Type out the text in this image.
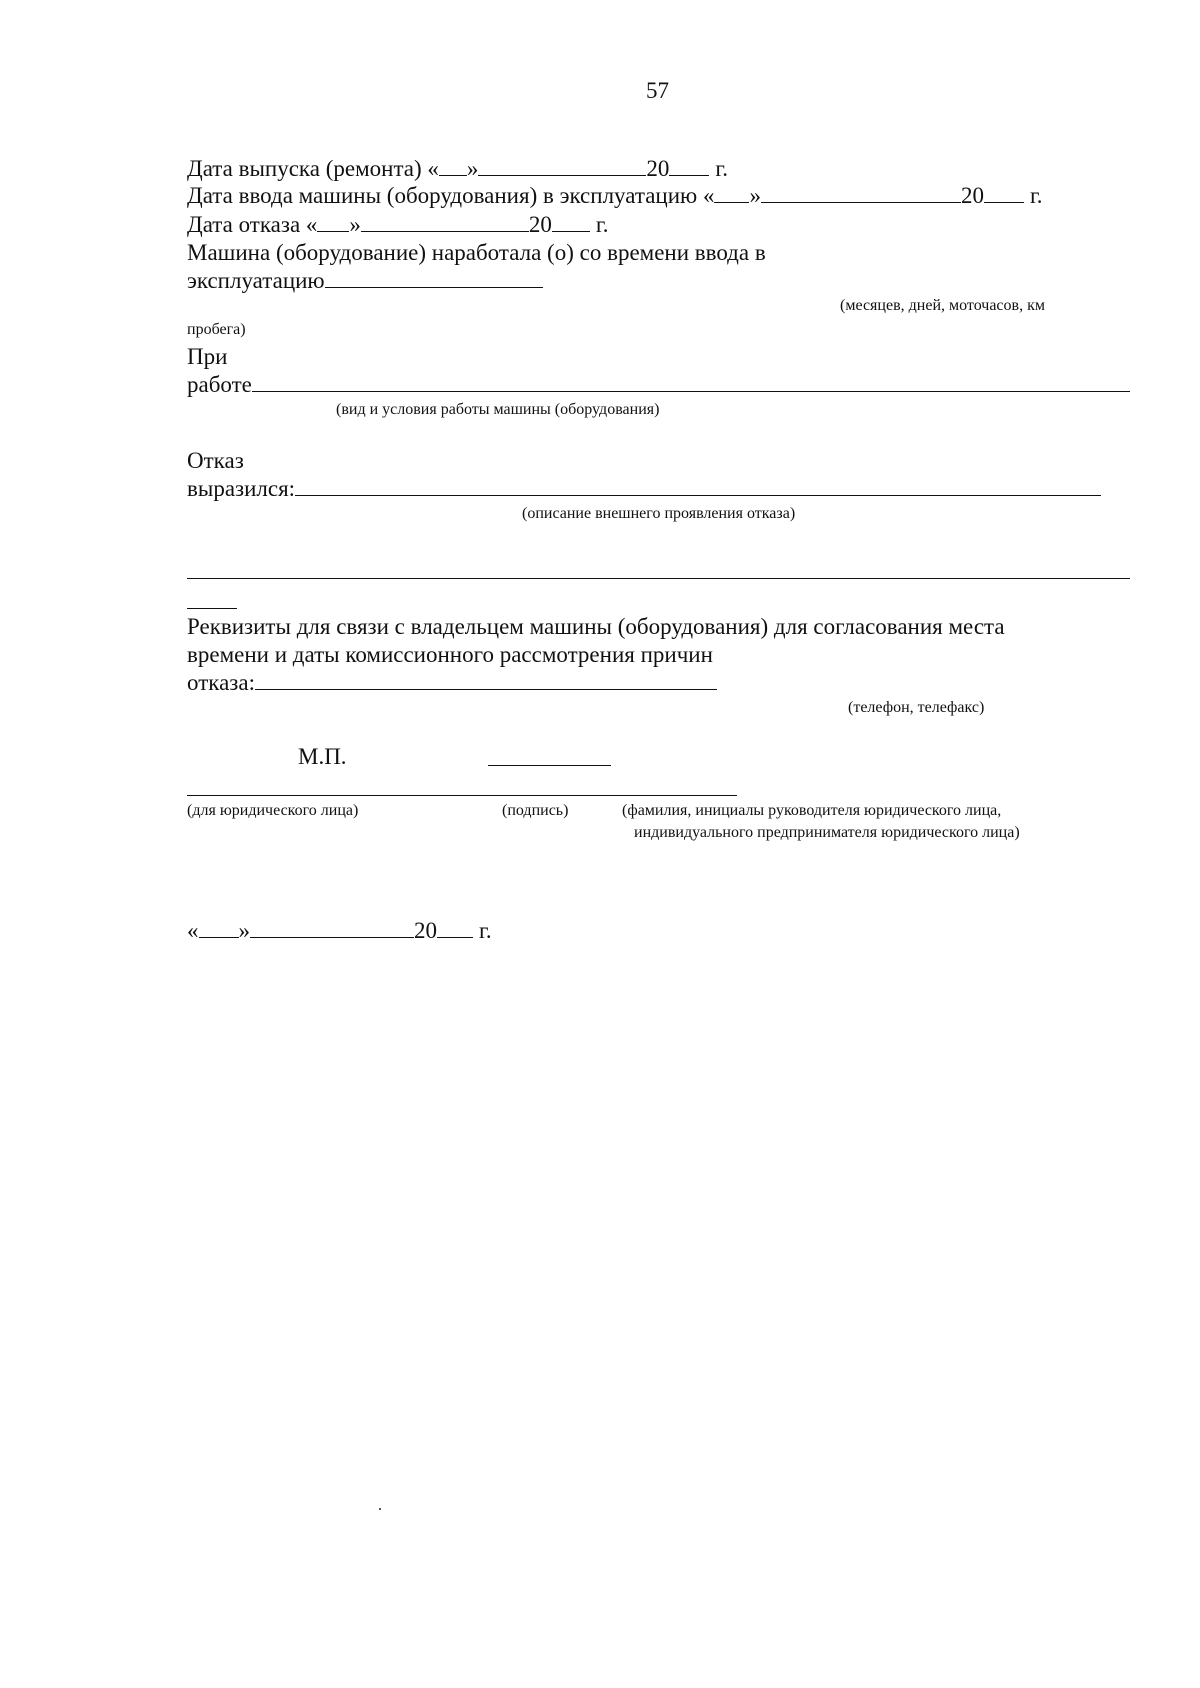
57
Дата выпуска (ремонта) « »	20 г.
Дата ввода машины (оборудования) в эксплуатацию « »	20 г.
Дата отказа « »	20 г.
Машина (оборудование) наработала (о) со времени ввода в
эксплуатацию
(месяцев, дней, моточасов, км
пробега)
При
работе
(вид и условия работы машины (оборудования)
Отказ
выразился:
(описание внешнего проявления отказа)
Реквизиты для связи с владельцем машины (оборудования) для согласования места
времени и даты комиссионного рассмотрения причин
отказа:
(телефон, телефакс)
М.П.
(для юридического лица)	(подпись)	(фамилия, инициалы руководителя юридического лица,
индивидуального предпринимателя юридического лица)
« »	20 г.
